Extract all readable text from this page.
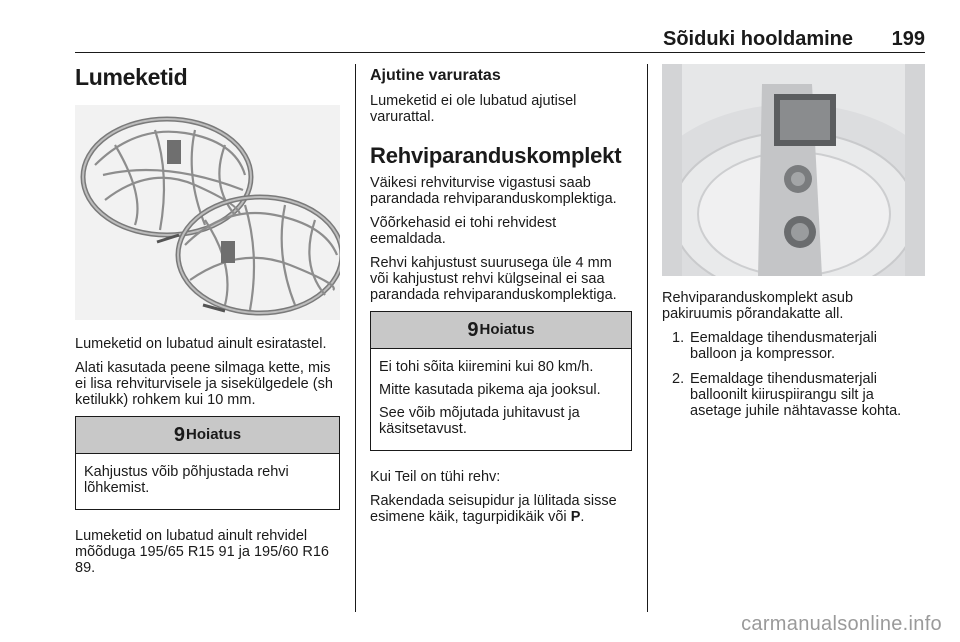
Sõiduki hooldamine 199
Lumeketid

Lumeketid on lubatud ainult esiratastel.

Alati kasutada peene silmaga kette, mis ei lisa rehviturvisele ja sisekülgedele (sh ketilukk) rohkem kui 10 mm.

9Hoiatus

Kahjustus võib põhjustada rehvi lõhkemist.

Lumeketid on lubatud ainult rehvidel mõõduga 195/65 R15 91 ja 195/60 R16 89.

Ajutine varuratas

Lumeketid ei ole lubatud ajutisel varurattal.

Rehviparanduskomplekt

Väikesi rehviturvise vigastusi saab parandada rehviparanduskomplektiga.

Võõrkehasid ei tohi rehvidest eemaldada.

Rehvi kahjustust suurusega üle 4 mm või kahjustust rehvi külgseinal ei saa parandada rehviparanduskomplektiga.

9Hoiatus

Ei tohi sõita kiiremini kui 80 km/h.

Mitte kasutada pikema aja jooksul.

See võib mõjutada juhitavust ja käsitsetavust.

Kui Teil on tühi rehv:

Rakendada seisupidur ja lülitada sisse esimene käik, tagurpidikäik või P.

Rehviparanduskomplekt asub pakiruumis põrandakatte all.

1. Eemaldage tihendusmaterjali balloon ja kompressor.
2. Eemaldage tihendusmaterjali balloonilt kiiruspiirangu silt ja asetage juhile nähtavasse kohta.
carmanualsonline.info
